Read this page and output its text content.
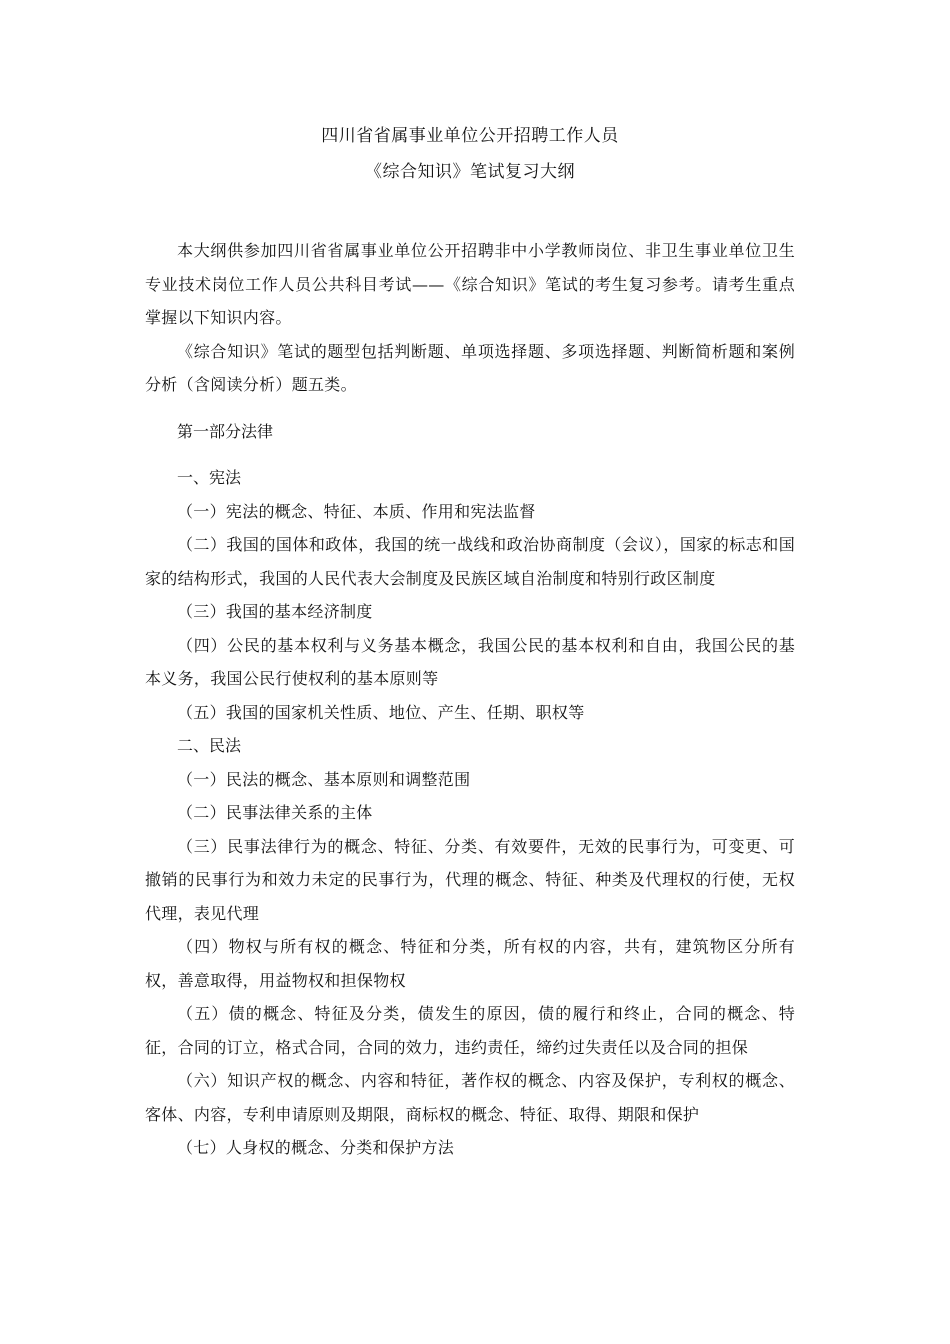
四川省省属事业单位公开招聘工作人员
《综合知识》笔试复习大纲

本大纲供参加四川省省属事业单位公开招聘非中小学教师岗位、非卫生事业单位卫生专业技术岗位工作人员公共科目考试——《综合知识》笔试的考生复习参考。请考生重点掌握以下知识内容。

《综合知识》笔试的题型包括判断题、单项选择题、多项选择题、判断简析题和案例分析（含阅读分析）题五类。

第一部分法律

一、宪法

（一）宪法的概念、特征、本质、作用和宪法监督

（二）我国的国体和政体，我国的统一战线和政治协商制度（会议），国家的标志和国家的结构形式，我国的人民代表大会制度及民族区域自治制度和特别行政区制度

（三）我国的基本经济制度

（四）公民的基本权利与义务基本概念，我国公民的基本权利和自由，我国公民的基本义务，我国公民行使权利的基本原则等

（五）我国的国家机关性质、地位、产生、任期、职权等

二、民法

（一）民法的概念、基本原则和调整范围

（二）民事法律关系的主体

（三）民事法律行为的概念、特征、分类、有效要件，无效的民事行为，可变更、可撤销的民事行为和效力未定的民事行为，代理的概念、特征、种类及代理权的行使，无权代理，表见代理

（四）物权与所有权的概念、特征和分类，所有权的内容，共有，建筑物区分所有权，善意取得，用益物权和担保物权

（五）债的概念、特征及分类，债发生的原因，债的履行和终止，合同的概念、特征，合同的订立，格式合同，合同的效力，违约责任，缔约过失责任以及合同的担保

（六）知识产权的概念、内容和特征，著作权的概念、内容及保护，专利权的概念、客体、内容，专利申请原则及期限，商标权的概念、特征、取得、期限和保护

（七）人身权的概念、分类和保护方法
